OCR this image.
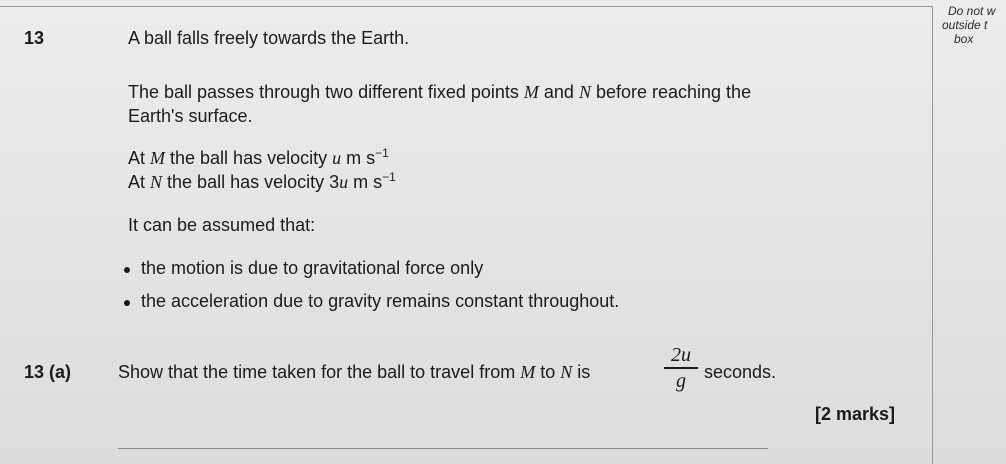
Do not w
outside t
box
13	A ball falls freely towards the Earth.
The ball passes through two different fixed points M and N before reaching the
Earth's surface.
At M the ball has velocity u m $s^{-1}$
At N the ball has velocity 3u m $s^{-1}$
It can be assumed that:
the motion is due to gravitational force only
the acceleration due to gravity remains constant throughout.
13 (a)	Show that the time taken for the ball to travel from M to N is
2u
g	seconds.
[2 marks]
